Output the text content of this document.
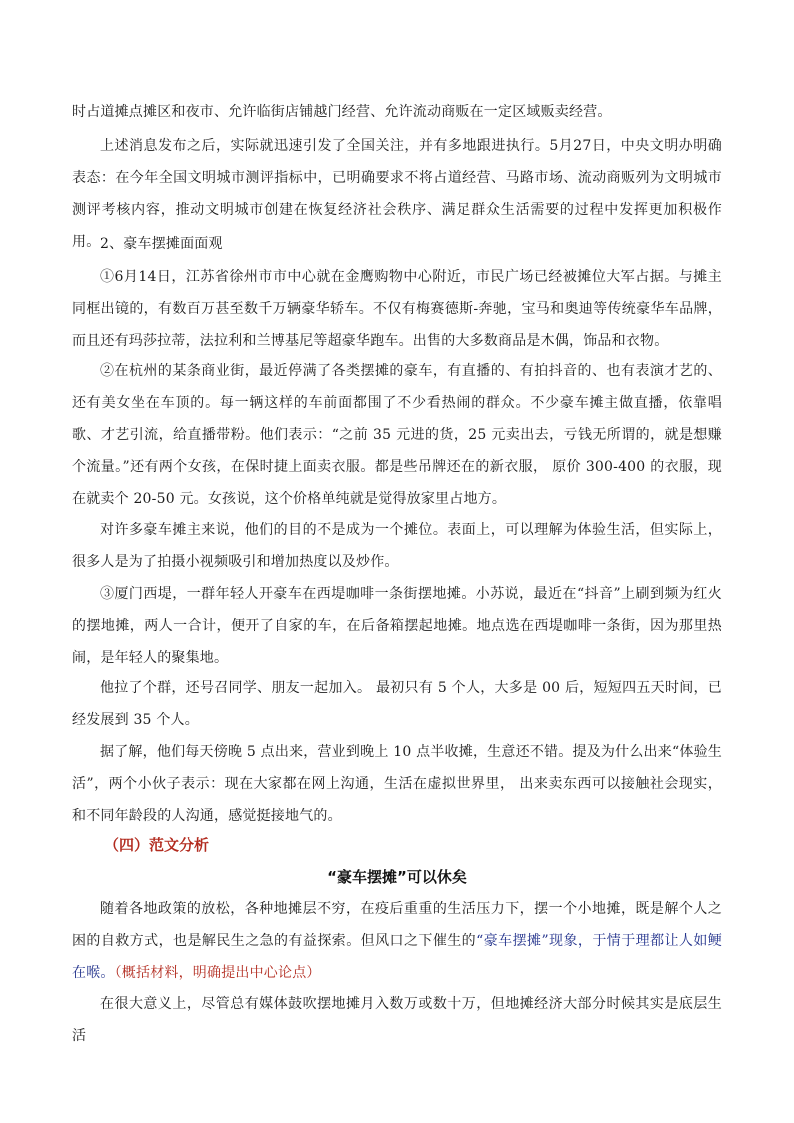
时占道摊点摊区和夜市、允许临街店铺越门经营、允许流动商贩在一定区域贩卖经营。

上述消息发布之后，实际就迅速引发了全国关注，并有多地跟进执行。5月27日，中央文明办明确表态：在今年全国文明城市测评指标中，已明确要求不将占道经营、马路市场、流动商贩列为文明城市测评考核内容，推动文明城市创建在恢复经济社会秩序、满足群众生活需要的过程中发挥更加积极作用。 2、豪车摆摊面面观

①6月14日，江苏省徐州市市中心就在金鹰购物中心附近，市民广场已经被摊位大军占据。与摊主同框出镜的，有数百万甚至数千万辆豪华轿车。不仅有梅赛德斯-奔驰，宝马和奥迪等传统豪华车品牌，而且还有玛莎拉蒂，法拉利和兰博基尼等超豪华跑车。出售的大多数商品是木偶，饰品和衣物。

②在杭州的某条商业街，最近停满了各类摆摊的豪车，有直播的、有拍抖音的、也有表演才艺的、还有美女坐在车顶的。每一辆这样的车前面都围了不少看热闹的群众。不少豪车摊主做直播，依靠唱歌、才艺引流，给直播带粉。他们表示：“之前 35 元进的货，25 元卖出去，亏钱无所谓的，就是想赚个流量。”还有两个女孩，在保时捷上面卖衣服。都是些吊牌还在的新衣服， 原价 300-400 的衣服，现在就卖个 20-50 元。女孩说，这个价格单纯就是觉得放家里占地方。

对许多豪车摊主来说，他们的目的不是成为一个摊位。表面上，可以理解为体验生活，但实际上，很多人是为了拍摄小视频吸引和增加热度以及炒作。

③厦门西堤，一群年轻人开豪车在西堤咖啡一条街摆地摊。小苏说，最近在“抖音”上刷到频为红火的摆地摊，两人一合计，便开了自家的车，在后备箱摆起地摊。地点选在西堤咖啡一条街，因为那里热闹，是年轻人的聚集地。

他拉了个群，还号召同学、朋友一起加入。 最初只有 5 个人，大多是 00 后，短短四五天时间，已经发展到 35 个人。

据了解，他们每天傍晚 5 点出来，营业到晚上 10 点半收摊，生意还不错。提及为什么出来“体验生活”，两个小伙子表示：现在大家都在网上沟通，生活在虚拟世界里， 出来卖东西可以接触社会现实，和不同年龄段的人沟通，感觉挺接地气的。

（四）范文分析
“豪车摆摊”可以休矣

随着各地政策的放松，各种地摊层不穷，在疫后重重的生活压力下，摆一个小地摊，既是解个人之困的自救方式，也是解民生之急的有益探索。但风口之下催生的“豪车摆摊”现象，于情于理都让人如鲠在喉。（概括材料，明确提出中心论点）

在很大意义上，尽管总有媒体鼓吹摆地摊月入数万或数十万，但地摊经济大部分时候其实是底层生活
